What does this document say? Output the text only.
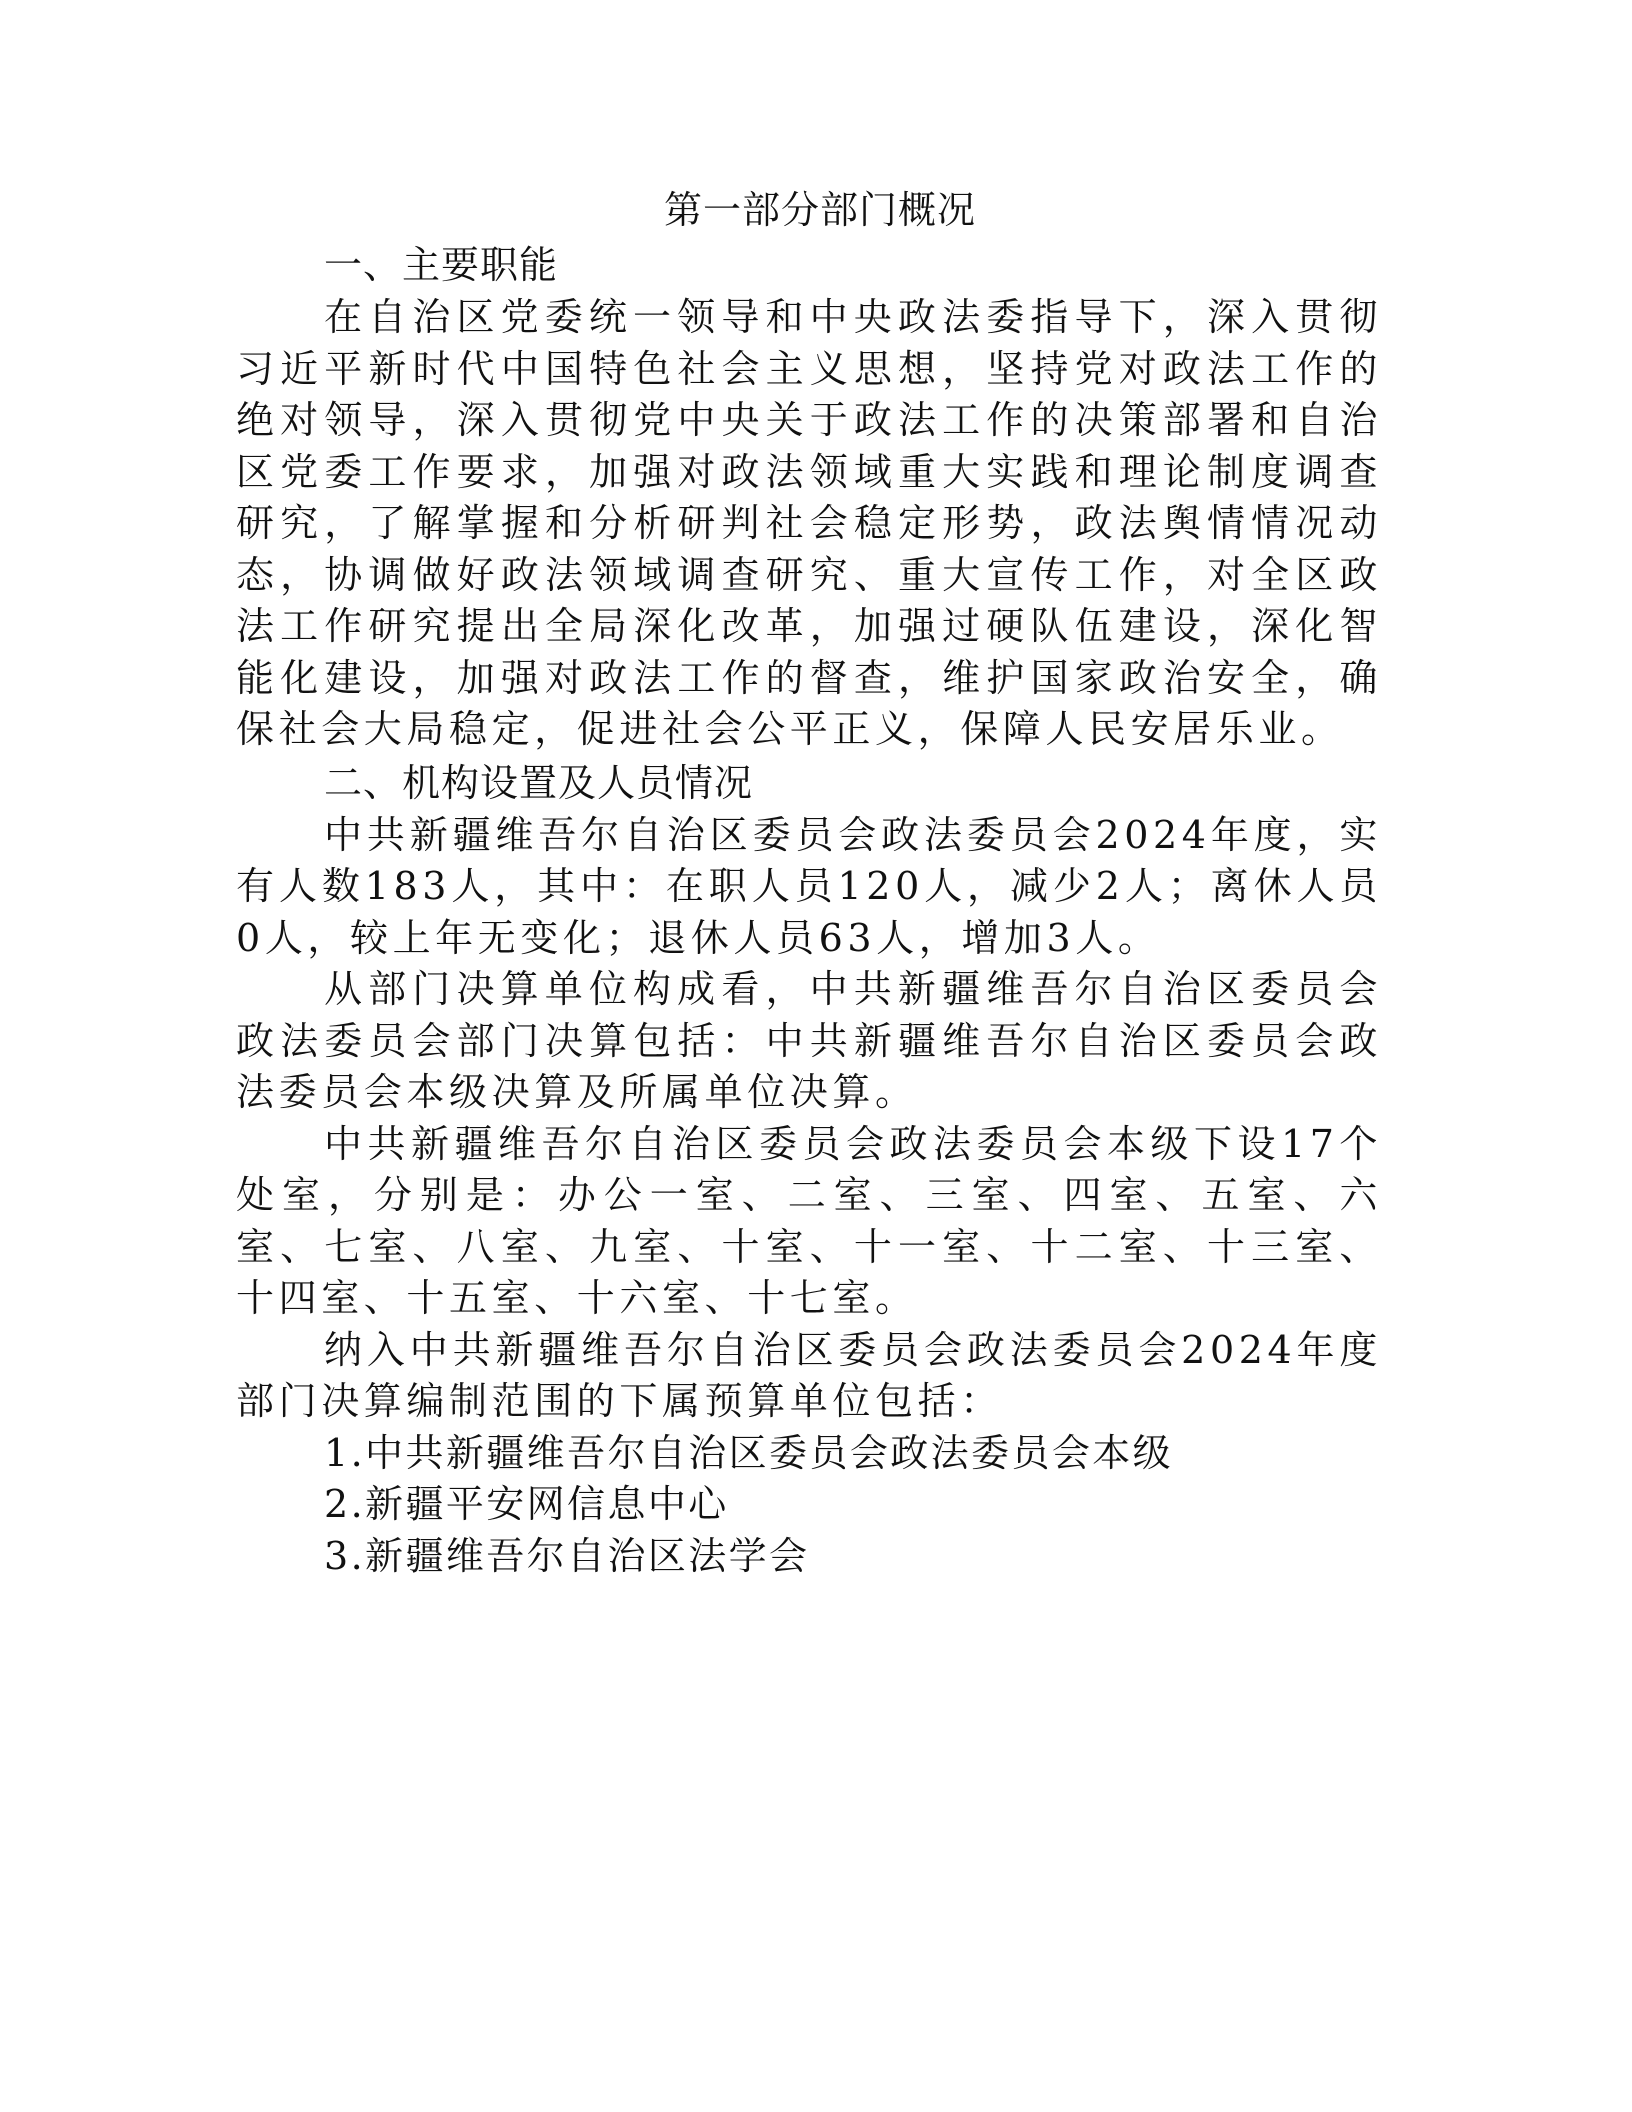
第一部分部门概况
一、主要职能

在自治区党委统一领导和中央政法委指导下，深入贯彻习近平新时代中国特色社会主义思想，坚持党对政法工作的绝对领导，深入贯彻党中央关于政法工作的决策部署和自治区党委工作要求，加强对政法领域重大实践和理论制度调查研究，了解掌握和分析研判社会稳定形势，政法舆情情况动态，协调做好政法领域调查研究、重大宣传工作，对全区政法工作研究提出全局深化改革，加强过硬队伍建设，深化智能化建设，加强对政法工作的督查，维护国家政治安全，确保社会大局稳定，促进社会公平正义，保障人民安居乐业。

二、机构设置及人员情况

中共新疆维吾尔自治区委员会政法委员会2024年度，实有人数183人，其中：在职人员120人，减少2人；离休人员0人，较上年无变化；退休人员63人，增加3人。

从部门决算单位构成看，中共新疆维吾尔自治区委员会政法委员会部门决算包括：中共新疆维吾尔自治区委员会政法委员会本级决算及所属单位决算。

中共新疆维吾尔自治区委员会政法委员会本级下设17个处室，分别是：办公一室、二室、三室、四室、五室、六室、七室、八室、九室、十室、十一室、十二室、十三室、十四室、十五室、十六室、十七室。

纳入中共新疆维吾尔自治区委员会政法委员会2024年度部门决算编制范围的下属预算单位包括：

1.中共新疆维吾尔自治区委员会政法委员会本级
2.新疆平安网信息中心
3.新疆维吾尔自治区法学会
